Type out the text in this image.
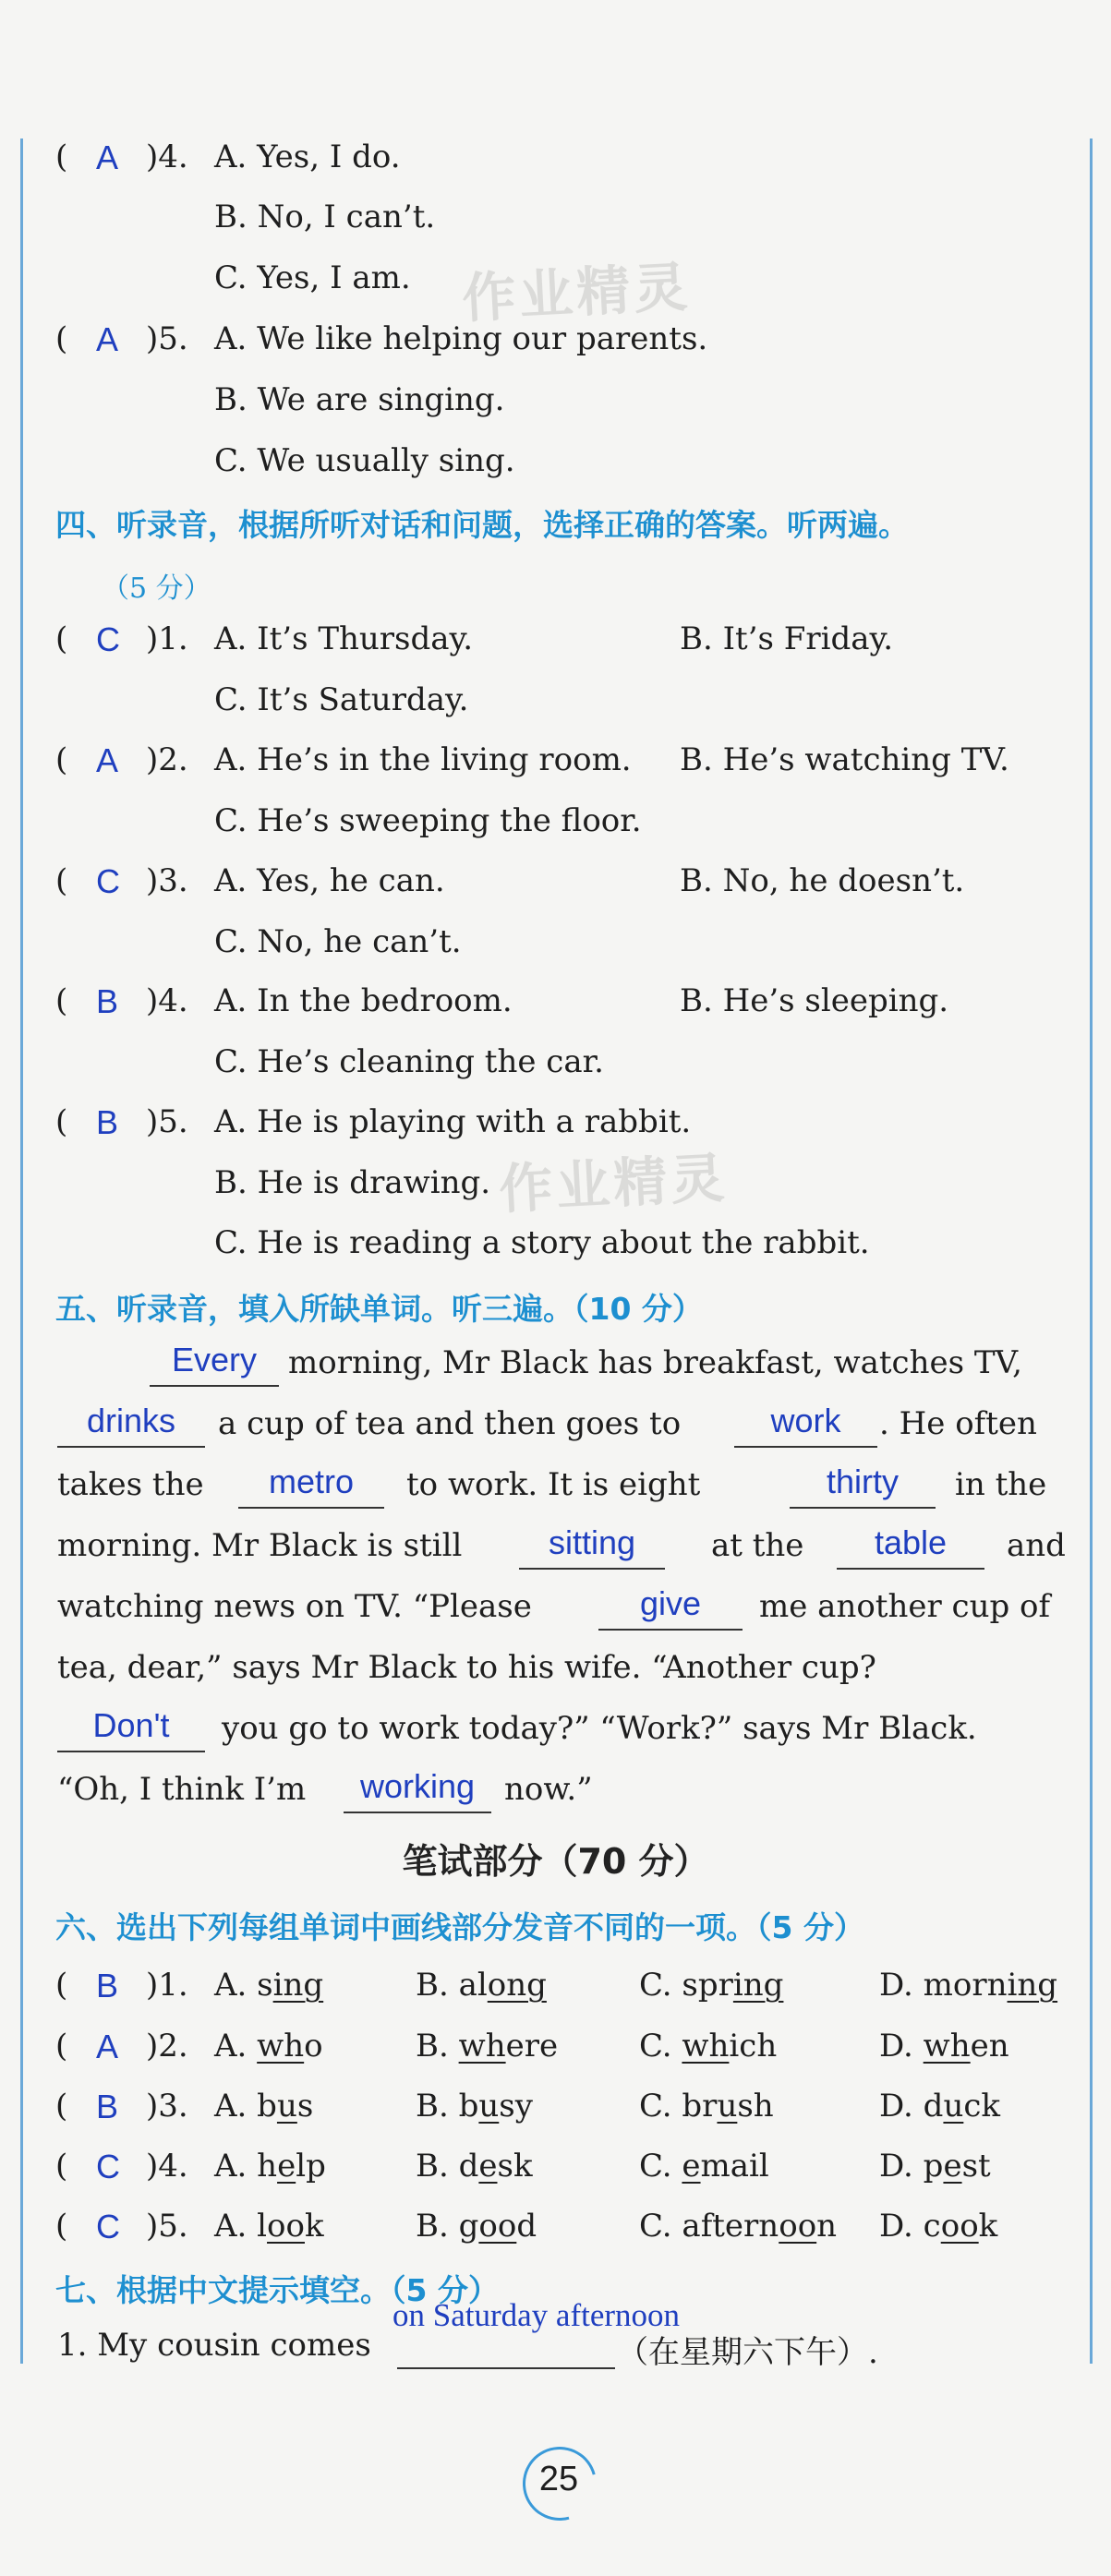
作业精灵
作业精灵
( A )4. A. Yes, I do.
B. No, I can’t.
C. Yes, I am.
( A )5. A. We like helping our parents.
B. We are singing.
C. We usually sing.
四、听录音，根据所听对话和问题，选择正确的答案。听两遍。
（5 分）
( C )1. A. It’s Thursday.	B. It’s Friday.
C. It’s Saturday.
( A )2. A. He’s in the living room. B. He’s watching TV.
C. He’s sweeping the floor.
( C )3. A. Yes, he can.	B. No, he doesn’t.
C. No, he can’t.
( B )4. A. In the bedroom.	B. He’s sleeping.
C. He’s cleaning the car.
( B )5. A. He is playing with a rabbit.
B. He is drawing.
C. He is reading a story about the rabbit.
五、听录音，填入所缺单词。听三遍。（10 分）
Every morning, Mr Black has breakfast, watches TV,
drinks	a cup of tea and then goes to	work	. He often
takes the	metro	to work. It is eight	thirty	in the
morning. Mr Black is still	sitting	at the	table	and
watching news on TV. “Please	give	me another cup of
tea, dear,” says Mr Black to his wife. “Another cup?
Don't	you go to work today?” “Work?” says Mr Black.
“Oh, I think I’m	working now.”
笔试部分（70 分）
六、选出下列每组单词中画线部分发音不同的一项。（5 分）
( B )1. A. sing	B. along	C. spring	D. morning
( A )2. A. who	B. where	C. which	D. when
( B )3. A. bus	B. busy	C. brush	D. duck
( C )4. A. help	B. desk	C. email	D. pest
( C )5. A. look	B. good	C. afternoon D. cook
七、根据中文提示填空。（5 分）
1. My cousin comes
on Saturday afternoon
（在星期六下午）.
25
